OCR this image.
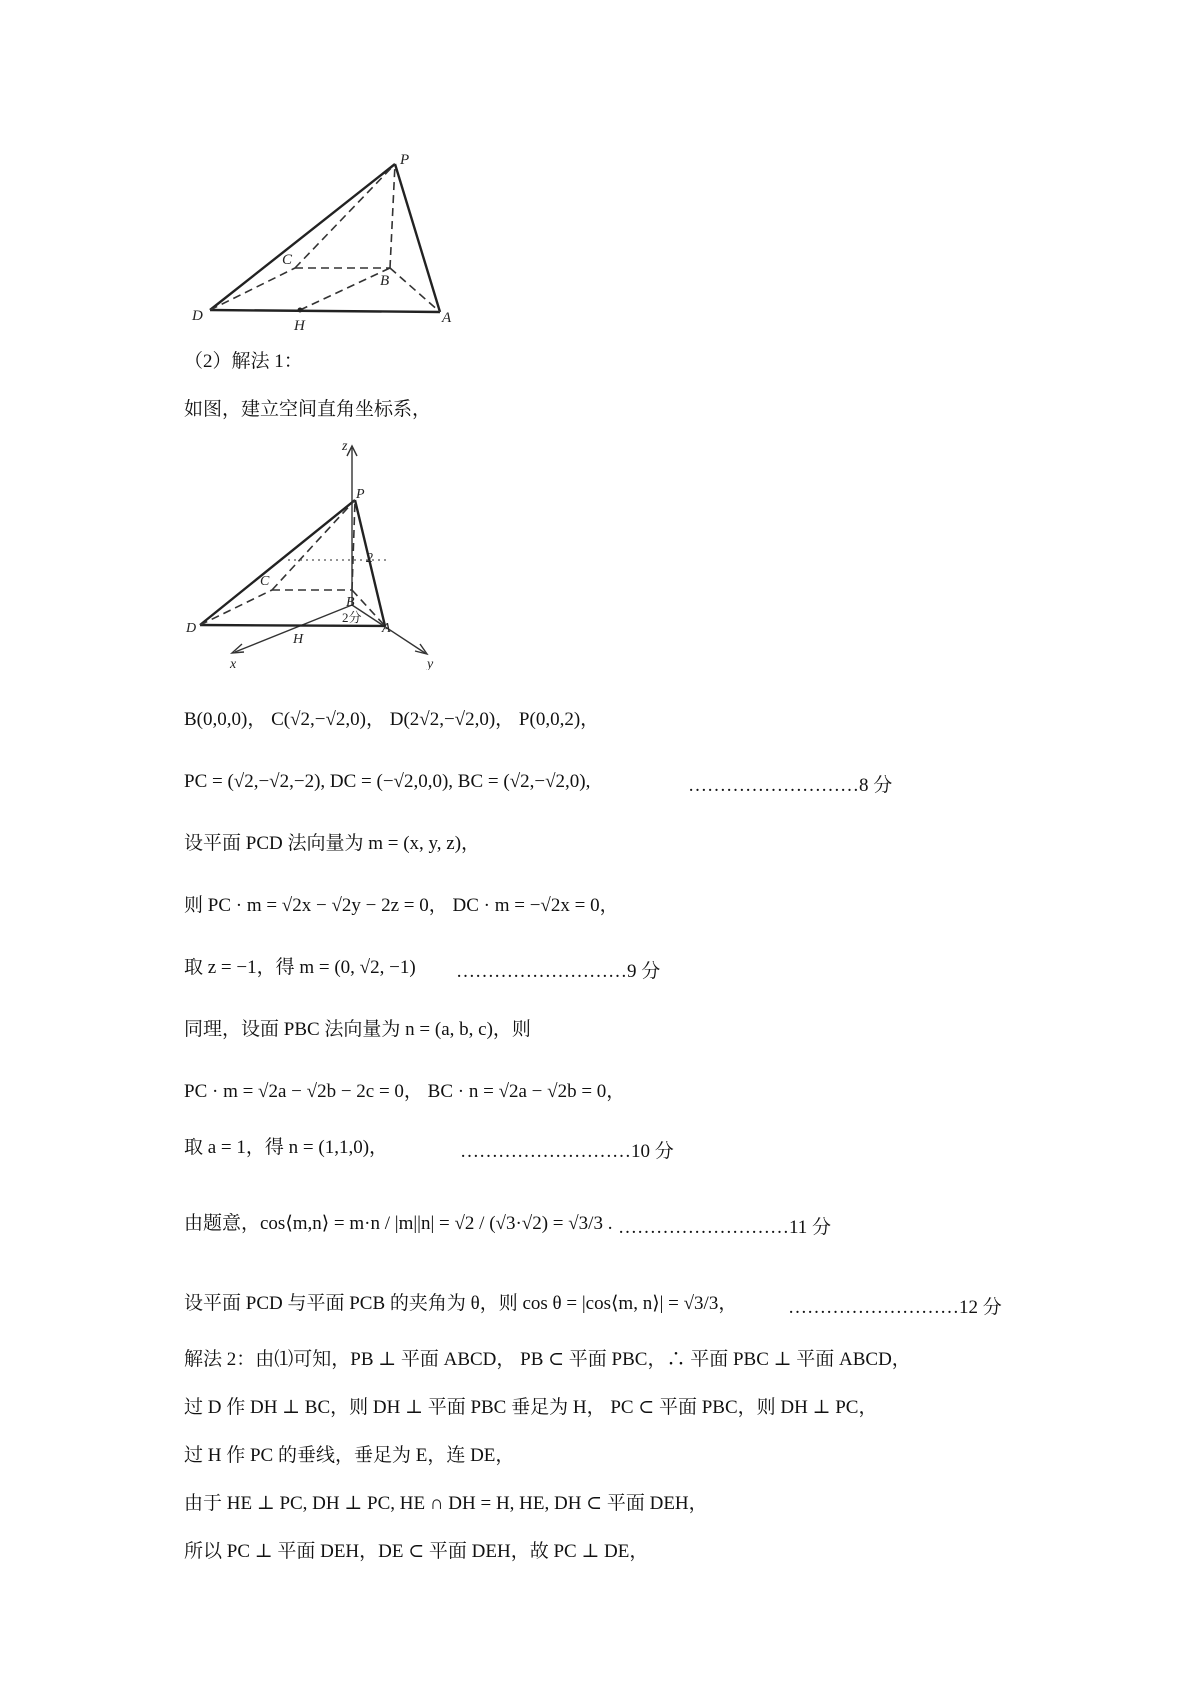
P
C
B
D
H	A
（2）解法 1：
如图，建立空间直角坐标系，
z
P
2
C
B
D
H
A
x	y
2分
B(0,0,0)， C(√2,−√2,0)， D(2√2,−√2,0)， P(0,0,2)，
PC = (√2,−√2,−2), DC = (−√2,0,0), BC = (√2,−√2,0),	………………………8 分
设平面 PCD 法向量为 m = (x, y, z)，
则 PC · m = √2x − √2y − 2z = 0， DC · m = −√2x = 0，
取 z = −1，得 m = (0, √2, −1) ………………………9 分
同理，设面 PBC 法向量为 n = (a, b, c)，则
PC · m = √2a − √2b − 2c = 0， BC · n = √2a − √2b = 0，
取 a = 1，得 n = (1,1,0)，	………………………10 分
由题意，cos⟨m,n⟩ = m·n / |m||n| = √2 / (√3·√2) = √3/3 . ………………………11 分
设平面 PCD 与平面 PCB 的夹角为 θ，则 cos θ = |cos⟨m, n⟩| = √3/3，	………………………12 分
解法 2：由⑴可知，PB ⊥ 平面 ABCD， PB ⊂ 平面 PBC，∴ 平面 PBC ⊥ 平面 ABCD，
过 D 作 DH ⊥ BC，则 DH ⊥ 平面 PBC 垂足为 H， PC ⊂ 平面 PBC，则 DH ⊥ PC，
过 H 作 PC 的垂线，垂足为 E，连 DE，
由于 HE ⊥ PC, DH ⊥ PC, HE ∩ DH = H, HE, DH ⊂ 平面 DEH，
所以 PC ⊥ 平面 DEH，DE ⊂ 平面 DEH，故 PC ⊥ DE，
